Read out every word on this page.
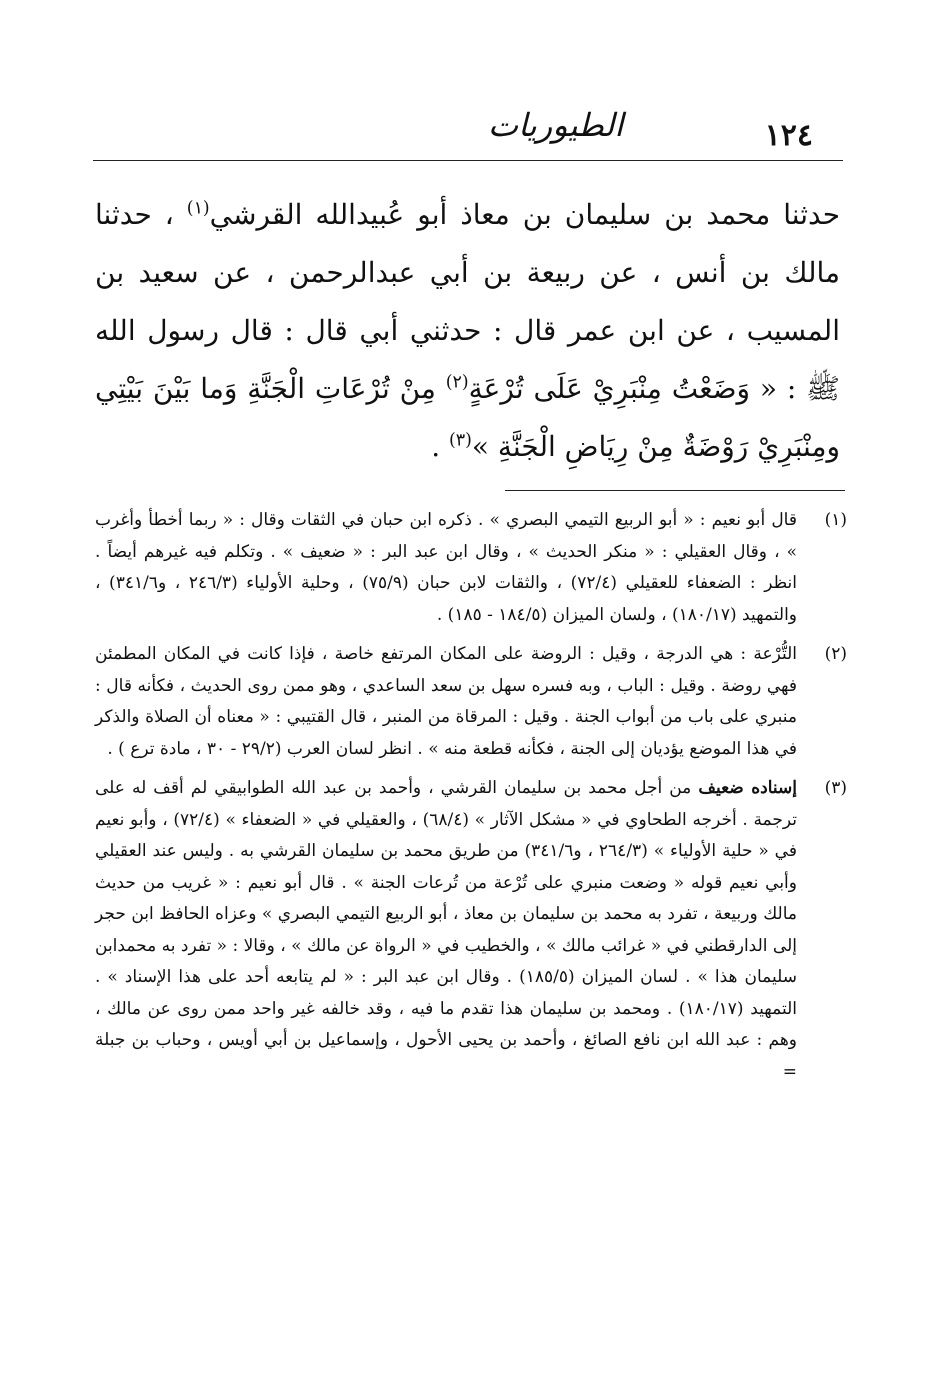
١٢٤
الطيوريات

حدثنا محمد بن سليمان بن معاذ أبو عُبيدالله القرشي$^{(١)}$ ، حدثنا مالك بن أنس ، عن ربيعة بن أبي عبدالرحمن ، عن سعيد بن المسيب ، عن ابن عمر قال : حدثني أبي قال : قال رسول الله ﷺ : « وَضَعْتُ مِنْبَرِيْ عَلَى تُرْعَةٍ$^{(٢)}$ مِنْ تُرْعَاتِ الْجَنَّةِ وَما بَيْنَ بَيْتِي ومِنْبَرِيْ رَوْضَةٌ مِنْ رِيَاضِ الْجَنَّةِ »$^{(٣)}$ .

(١)
قال أبو نعيم : « أبو الربيع التيمي البصري » . ذكره ابن حبان في الثقات وقال : « ربما أخطأ وأغرب » ، وقال العقيلي : « منكر الحديث » ، وقال ابن عبد البر : « ضعيف » . وتكلم فيه غيرهم أيضاً . انظر : الضعفاء للعقيلي (٧٢/٤) ، والثقات لابن حبان (٧٥/٩) ، وحلية الأولياء (٢٤٦/٣ ، و٣٤١/٦) ، والتمهيد (١٨٠/١٧) ، ولسان الميزان (١٨٤/٥ - ١٨٥) .
(٢)
التُّرْعة : هي الدرجة ، وقيل : الروضة على المكان المرتفع خاصة ، فإذا كانت في المكان المطمئن فهي روضة . وقيل : الباب ، وبه فسره سهل بن سعد الساعدي ، وهو ممن روى الحديث ، فكأنه قال : منبري على باب من أبواب الجنة . وقيل : المرقاة من المنبر ، قال القتيبي : « معناه أن الصلاة والذكر في هذا الموضع يؤديان إلى الجنة ، فكأنه قطعة منه » . انظر لسان العرب (٢٩/٢ - ٣٠ ، مادة ترع ) .
(٣)
إسناده ضعيف من أجل محمد بن سليمان القرشي ، وأحمد بن عبد الله الطوابيقي لم أقف له على ترجمة . أخرجه الطحاوي في « مشكل الآثار » (٦٨/٤) ، والعقيلي في « الضعفاء » (٧٢/٤) ، وأبو نعيم في « حلية الأولياء » (٢٦٤/٣ ، و٣٤١/٦) من طريق محمد بن سليمان القرشي به . وليس عند العقيلي وأبي نعيم قوله « وضعت منبري على تُرْعة من تُرعات الجنة » . قال أبو نعيم : « غريب من حديث مالك وربيعة ، تفرد به محمد بن سليمان بن معاذ ، أبو الربيع التيمي البصري » وعزاه الحافظ ابن حجر إلى الدارقطني في « غرائب مالك » ، والخطيب في « الرواة عن مالك » ، وقالا : « تفرد به محمدابن سليمان هذا » . لسان الميزان (١٨٥/٥) . وقال ابن عبد البر : « لم يتابعه أحد على هذا الإسناد » . التمهيد (١٨٠/١٧) . ومحمد بن سليمان هذا تقدم ما فيه ، وقد خالفه غير واحد ممن روى عن مالك ، وهم : عبد الله ابن نافع الصائغ ، وأحمد بن يحيى الأحول ، وإسماعيل بن أبي أويس ، وحباب بن جبلة =
